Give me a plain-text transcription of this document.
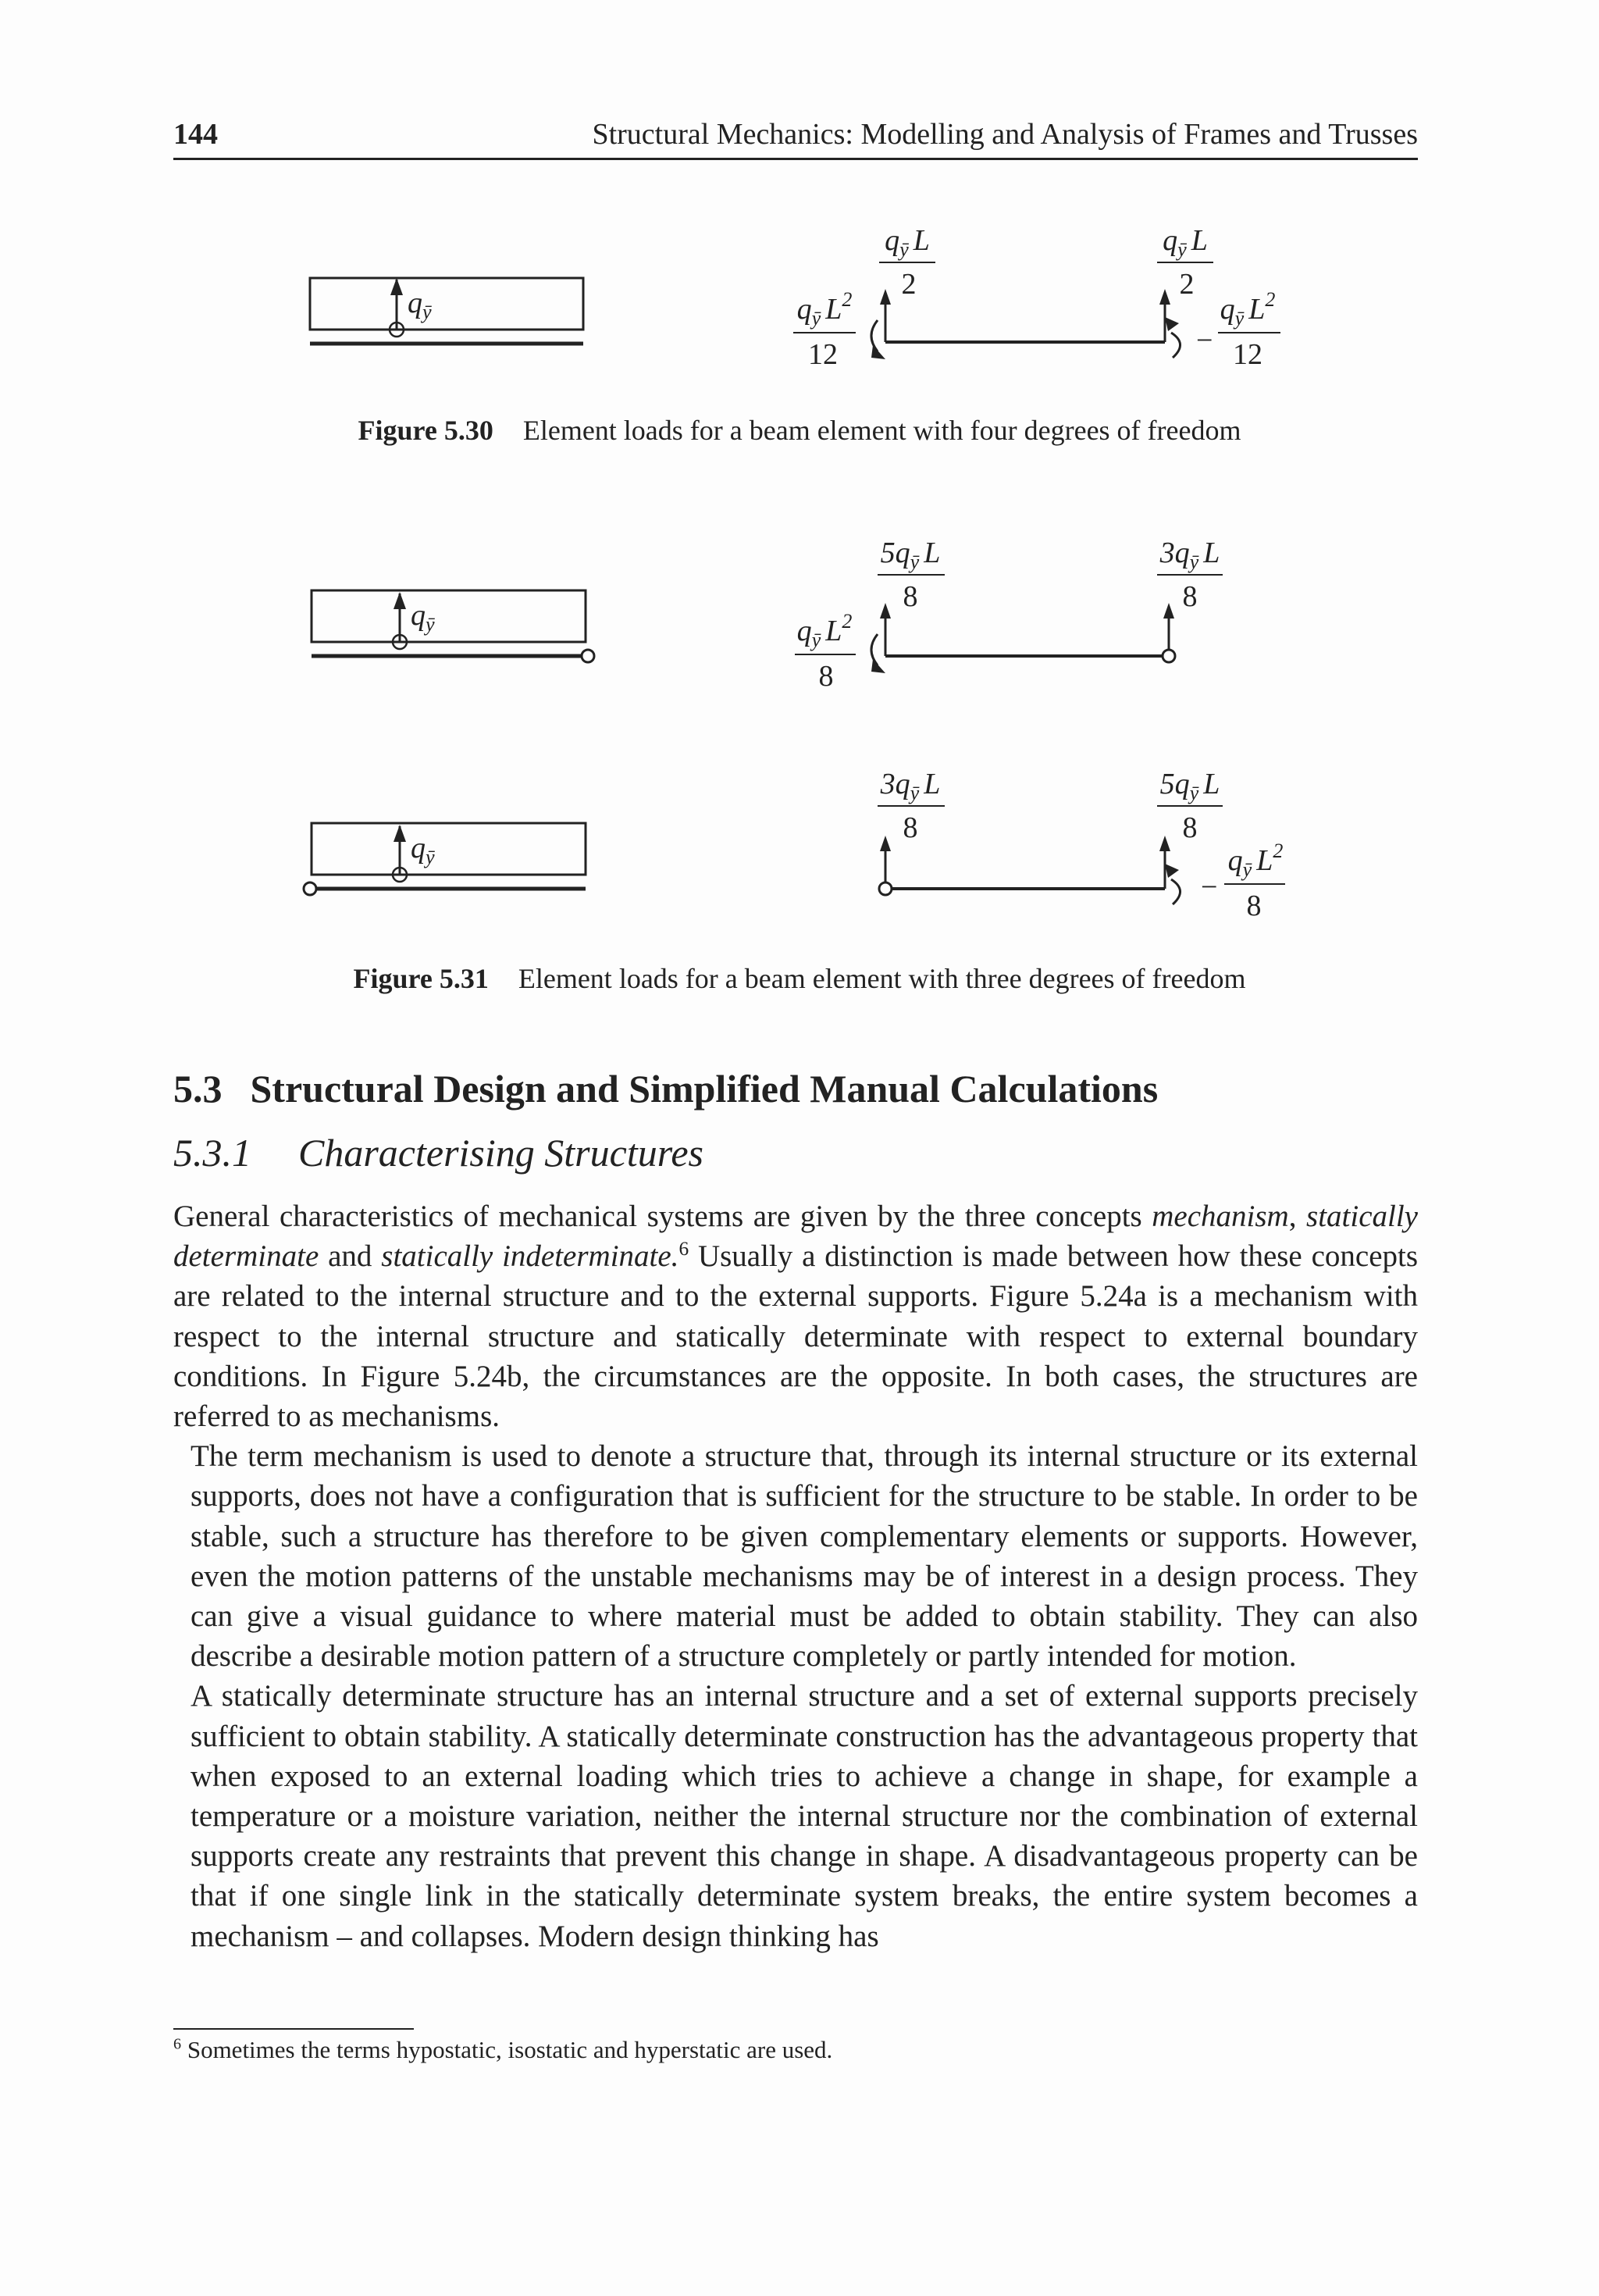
144	Structural Mechanics: Modelling and Analysis of Frames and Trusses
$q_ȳ$
$q_ȳ$ L
2
$q_ȳ$ L
2
$q_ȳ$ $L^2$
12	−
$q_ȳ$ $L^2$
12
Figure 5.30 Element loads for a beam element with four degrees of freedom
$q_ȳ$
$5q_ȳ$ L
8
$3q_ȳ$ L
8
$q_ȳ$ $L^2$
8
$q_ȳ$
$3q_ȳ$ L
8
$5q_ȳ$ L
8
−
$q_ȳ$ $L^2$
8
Figure 5.31 Element loads for a beam element with three degrees of freedom
5.3 Structural Design and Simplified Manual Calculations
5.3.1 Characterising Structures

General characteristics of mechanical systems are given by the three concepts mechanism, statically determinate and statically indeterminate.$^6$ Usually a distinction is made between how these concepts are related to the internal structure and to the external supports. Figure 5.24a is a mechanism with respect to the internal structure and statically determinate with respect to external boundary conditions. In Figure 5.24b, the circumstances are the opposite. In both cases, the structures are referred to as mechanisms.

The term mechanism is used to denote a structure that, through its internal structure or its external supports, does not have a configuration that is sufficient for the structure to be stable. In order to be stable, such a structure has therefore to be given complementary elements or supports. However, even the motion patterns of the unstable mechanisms may be of interest in a design process. They can give a visual guidance to where material must be added to obtain stability. They can also describe a desirable motion pattern of a structure completely or partly intended for motion.

A statically determinate structure has an internal structure and a set of external supports precisely sufficient to obtain stability. A statically determinate construction has the advantageous property that when exposed to an external loading which tries to achieve a change in shape, for example a temperature or a moisture variation, neither the internal structure nor the combination of external supports create any restraints that prevent this change in shape. A disadvantageous property can be that if one single link in the statically determinate system breaks, the entire system becomes a mechanism – and collapses. Modern design thinking has

$^6$ Sometimes the terms hypostatic, isostatic and hyperstatic are used.
